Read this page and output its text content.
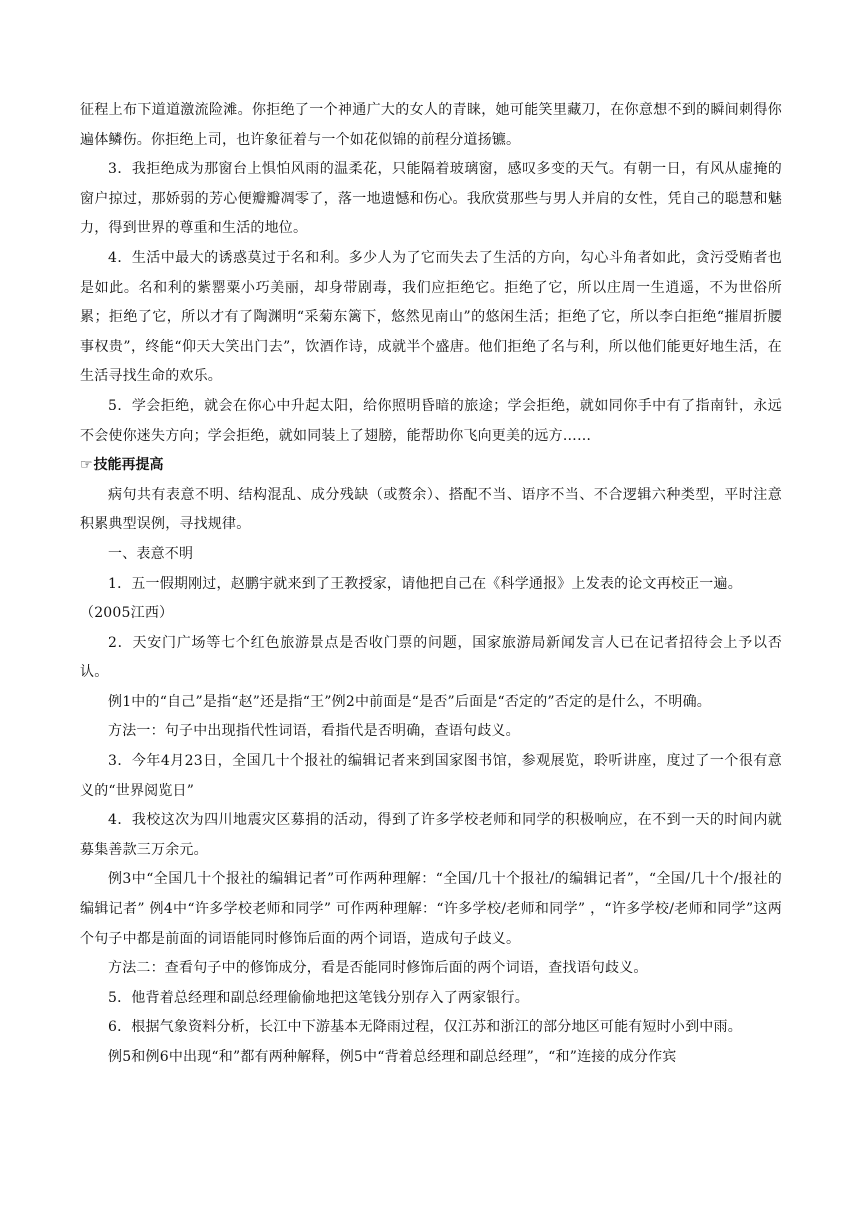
征程上布下道道激流险滩。你拒绝了一个神通广大的女人的青睐，她可能笑里藏刀，在你意想不到的瞬间刺得你遍体鳞伤。你拒绝上司，也许象征着与一个如花似锦的前程分道扬镳。

3．我拒绝成为那窗台上惧怕风雨的温柔花，只能隔着玻璃窗，感叹多变的天气。有朝一日，有风从虚掩的窗户掠过，那娇弱的芳心便瓣瓣凋零了，落一地遗憾和伤心。我欣赏那些与男人并肩的女性，凭自己的聪慧和魅力，得到世界的尊重和生活的地位。

4．生活中最大的诱惑莫过于名和利。多少人为了它而失去了生活的方向，勾心斗角者如此，贪污受贿者也是如此。名和利的紫罂粟小巧美丽，却身带剧毒，我们应拒绝它。拒绝了它，所以庄周一生逍遥，不为世俗所累；拒绝了它，所以才有了陶渊明“采菊东篱下，悠然见南山”的悠闲生活；拒绝了它，所以李白拒绝“摧眉折腰事权贵”，终能“仰天大笑出门去”，饮酒作诗，成就半个盛唐。他们拒绝了名与利，所以他们能更好地生活，在生活寻找生命的欢乐。

5．学会拒绝，就会在你心中升起太阳，给你照明昏暗的旅途；学会拒绝，就如同你手中有了指南针，永远不会使你迷失方向；学会拒绝，就如同装上了翅膀，能帮助你飞向更美的远方……

☞技能再提高

病句共有表意不明、结构混乱、成分残缺（或赘余）、搭配不当、语序不当、不合逻辑六种类型，平时注意积累典型误例，寻找规律。

一、表意不明

1．五一假期刚过，赵鹏宇就来到了王教授家，请他把自己在《科学通报》上发表的论文再校正一遍。

（2005江西）

2．天安门广场等七个红色旅游景点是否收门票的问题，国家旅游局新闻发言人已在记者招待会上予以否认。

例1中的“自己”是指“赵”还是指“王”例2中前面是“是否”后面是“否定的”否定的是什么，不明确。

方法一：句子中出现指代性词语，看指代是否明确，查语句歧义。

3．今年4月23日，全国几十个报社的编辑记者来到国家图书馆，参观展览，聆听讲座，度过了一个很有意义的“世界阅览日”

4．我校这次为四川地震灾区募捐的活动，得到了许多学校老师和同学的积极响应，在不到一天的时间内就募集善款三万余元。

例3中“全国几十个报社的编辑记者”可作两种理解：“全国/几十个报社/的编辑记者”，“全国/几十个/报社的编辑记者” 例4中“许多学校老师和同学” 可作两种理解：“许多学校/老师和同学” ，“许多学校/老师和同学”这两个句子中都是前面的词语能同时修饰后面的两个词语，造成句子歧义。

方法二：查看句子中的修饰成分，看是否能同时修饰后面的两个词语，查找语句歧义。

5．他背着总经理和副总经理偷偷地把这笔钱分别存入了两家银行。

6．根据气象资料分析，长江中下游基本无降雨过程，仅江苏和浙江的部分地区可能有短时小到中雨。

例5和例6中出现“和”都有两种解释，例5中“背着总经理和副总经理”，“和”连接的成分作宾
